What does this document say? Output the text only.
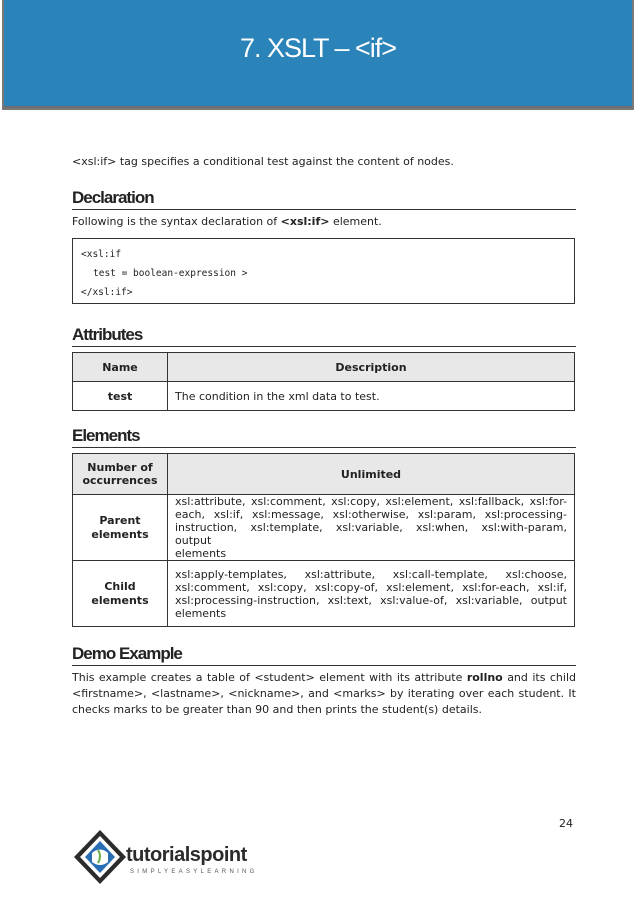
7. XSLT – <if>
<xsl:if> tag specifies a conditional test against the content of nodes.
Declaration
Following is the syntax declaration of <xsl:if> element.
<xsl:if
test = boolean-expression >
</xsl:if>
Attributes
Name	Description
test	The condition in the xml data to test.
Elements
Number of
occurrences	Unlimited
Parent
elements	xsl:attribute, xsl:comment, xsl:copy, xsl:element, xsl:fallback, xsl:for-
each, xsl:if, xsl:message, xsl:otherwise, xsl:param, xsl:processing-
instruction, xsl:template, xsl:variable, xsl:when, xsl:with-param, output
elements

Child
elements	xsl:apply-templates, xsl:attribute, xsl:call-template, xsl:choose,
xsl:comment, xsl:copy, xsl:copy-of, xsl:element, xsl:for-each, xsl:if,
xsl:processing-instruction, xsl:text, xsl:value-of, xsl:variable, output
elements
Demo Example
This example creates a table of <student> element with its attribute rollno and its child
<firstname>, <lastname>, <nickname>, and <marks> by iterating over each student. It
checks marks to be greater than 90 and then prints the student(s) details.
24
tutorialspoint
SIMPLYEASYLEARNING
